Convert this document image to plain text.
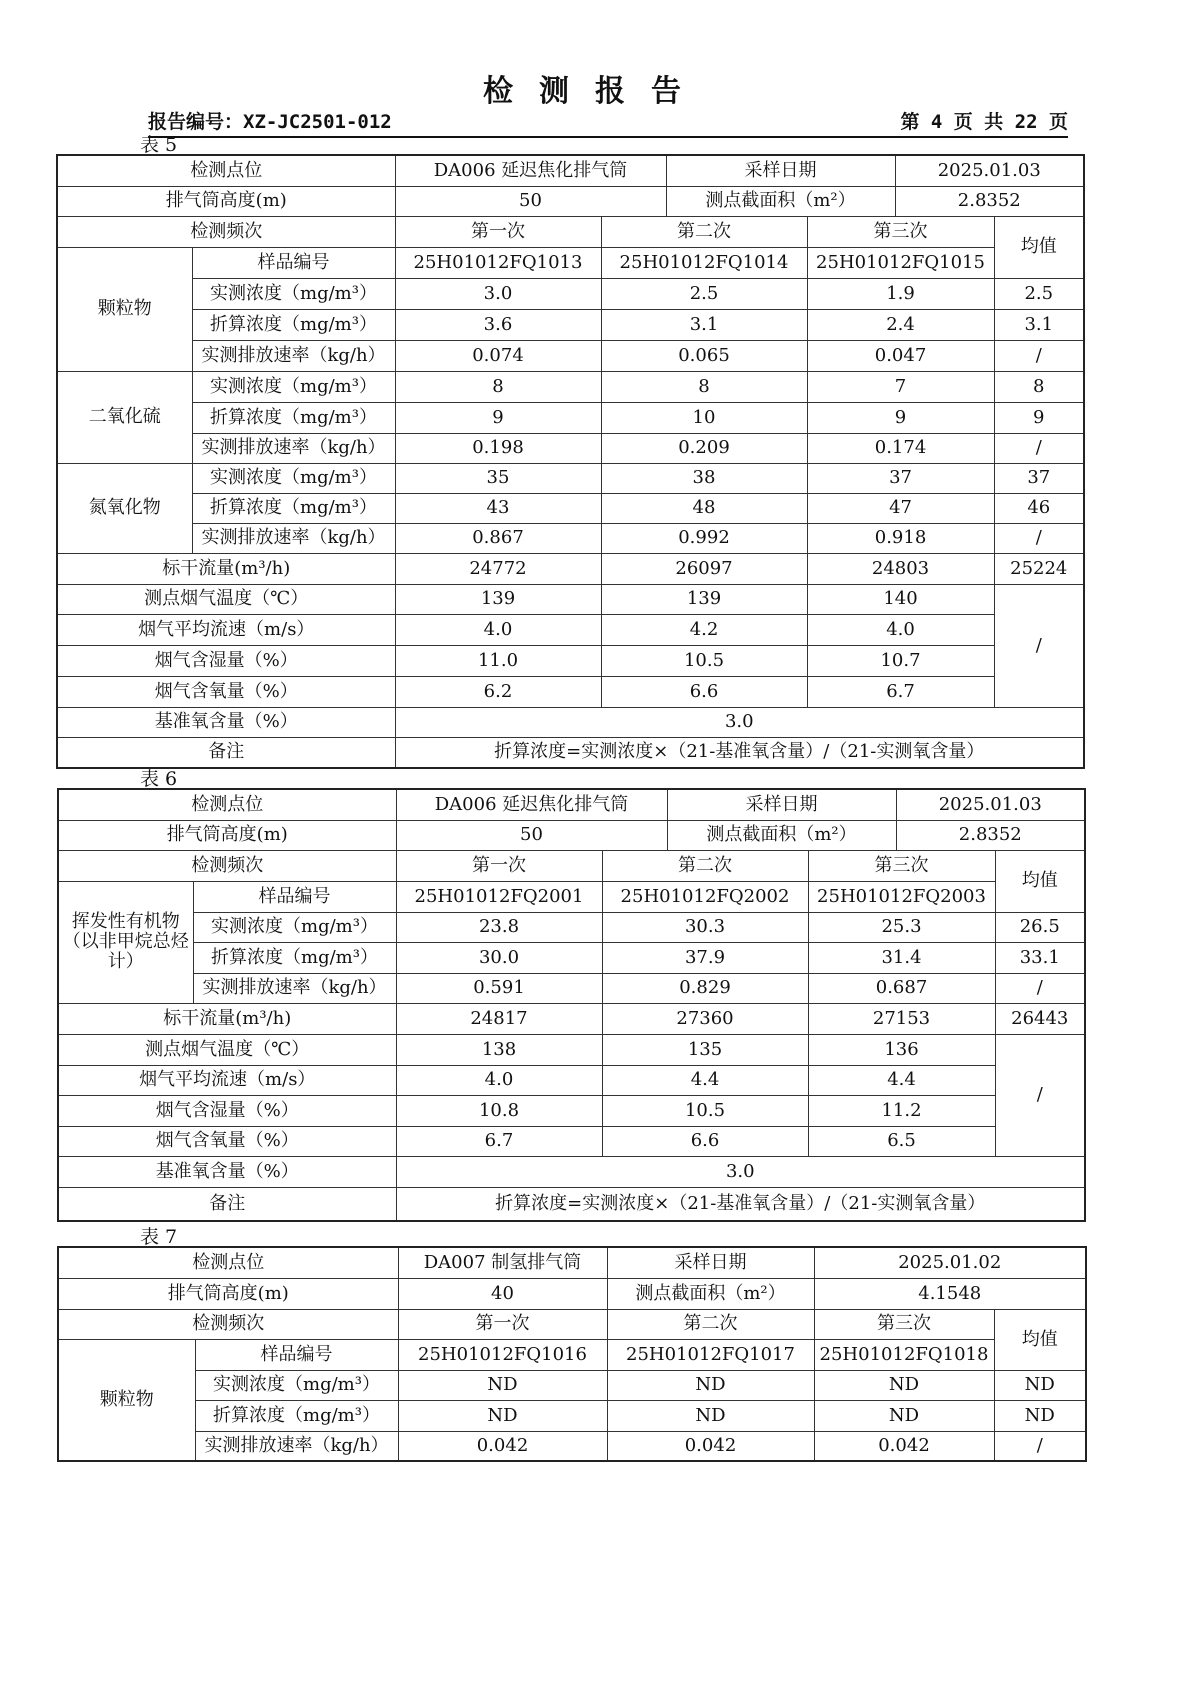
检测报告
报告编号：XZ-JC2501-012	第 4 页 共 22 页
表 5
检测点位		DA006 延迟焦化排气筒		采样日期		2025.01.03	
排气筒高度(m)		50		测点截面积（m²）		2.8352	
检测频次		第一次	第二次		第三次		均值
颗粒物	样品编号	25H01012FQ1013	25H01012FQ1014		25H01012FQ1015		
	实测浓度（mg/m³）	3.0	2.5		1.9		2.5
	折算浓度（mg/m³）	3.6	3.1		2.4		3.1
	实测排放速率（kg/h）	0.074	0.065		0.047		/
二氧化硫	实测浓度（mg/m³）	8	8		7		8
	折算浓度（mg/m³）	9	10		9		9
	实测排放速率（kg/h）	0.198	0.209		0.174		/
氮氧化物	实测浓度（mg/m³）	35	38		37		37
	折算浓度（mg/m³）	43	48		47		46
	实测排放速率（kg/h）	0.867	0.992		0.918		/
标干流量(m³/h)		24772	26097		24803		25224
测点烟气温度（℃）		139	139		140		/
烟气平均流速（m/s）		4.0	4.2		4.0		
烟气含湿量（%）		11.0	10.5		10.7		
烟气含氧量（%）		6.2	6.6		6.7		
基准氧含量（%）		3.0					
备注		折算浓度=实测浓度×（21-基准氧含量）/（21-实测氧含量）					
表 6
检测点位		DA006 延迟焦化排气筒		采样日期		2025.01.03	
排气筒高度(m)		50		测点截面积（m²）		2.8352	
检测频次		第一次	第二次		第三次		均值
挥发性有机物（以非甲烷总烃计）	样品编号	25H01012FQ2001	25H01012FQ2002		25H01012FQ2003		
	实测浓度（mg/m³）	23.8	30.3		25.3		26.5
	折算浓度（mg/m³）	30.0	37.9		31.4		33.1
	实测排放速率（kg/h）	0.591	0.829		0.687		/
标干流量(m³/h)		24817	27360		27153		26443
测点烟气温度（℃）		138	135		136		/
烟气平均流速（m/s）		4.0	4.4		4.4		
烟气含湿量（%）		10.8	10.5		11.2		
烟气含氧量（%）		6.7	6.6		6.5		
基准氧含量（%）		3.0					
备注		折算浓度=实测浓度×（21-基准氧含量）/（21-实测氧含量）					
表 7
检测点位		DA007 制氢排气筒	采样日期	2025.01.02	
排气筒高度(m)		40	测点截面积（m²）	4.1548	
检测频次		第一次	第二次	第三次	均值
颗粒物	样品编号	25H01012FQ1016	25H01012FQ1017	25H01012FQ1018	
	实测浓度（mg/m³）	ND	ND	ND	ND
	折算浓度（mg/m³）	ND	ND	ND	ND
	实测排放速率（kg/h）	0.042	0.042	0.042	/
